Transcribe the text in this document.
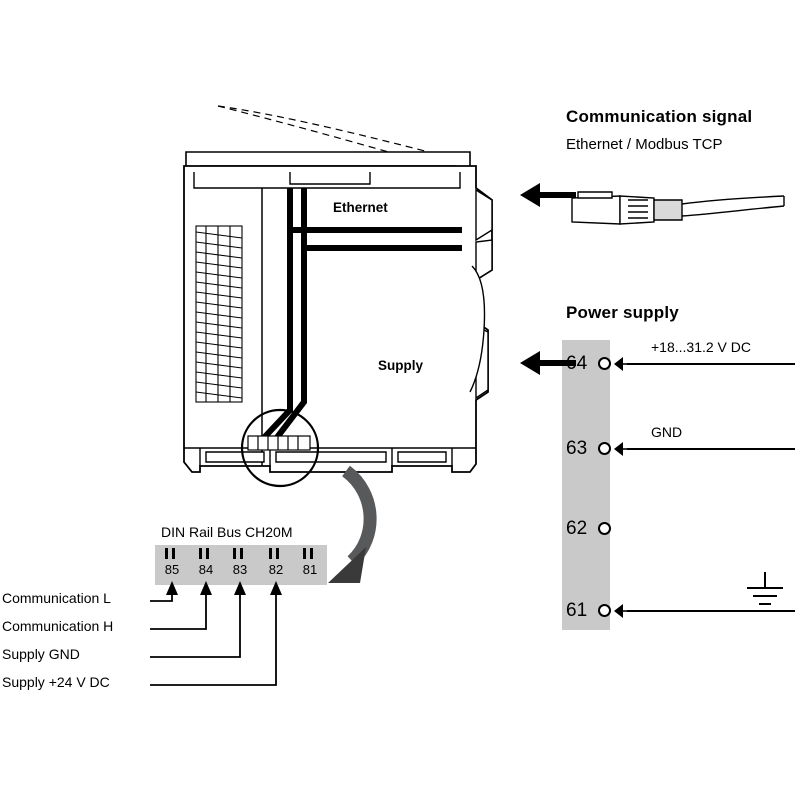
Ethernet
Supply
Communication signal
Ethernet / Modbus TCP
Power supply
64
+18...31.2 V DC
63
GND
62
61
DIN Rail Bus CH20M
85	84	83	82	81
Communication L
Communication H
Supply GND
Supply +24 V DC
